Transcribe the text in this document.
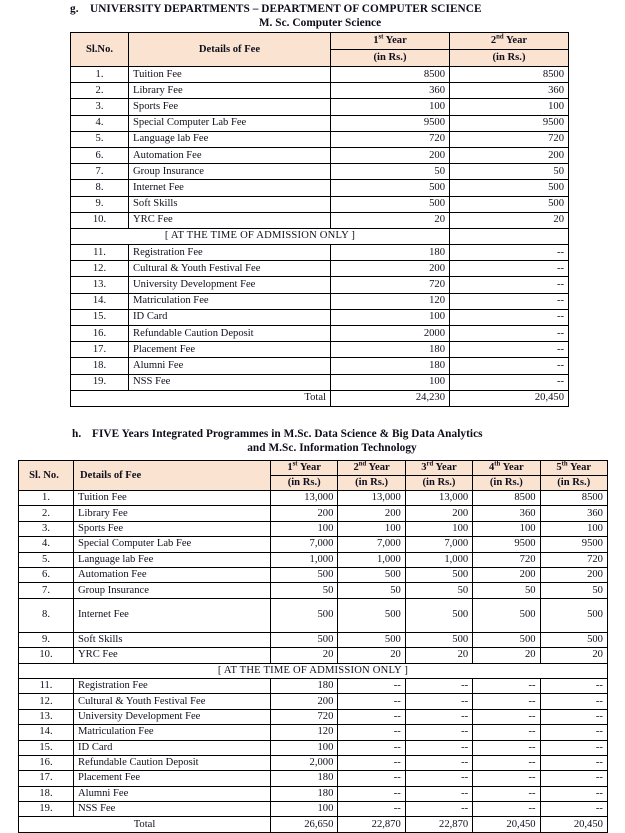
g.	UNIVERSITY DEPARTMENTS – DEPARTMENT OF COMPUTER SCIENCE
M. Sc. Computer Science
Sl.No.	Details of Fee	1st Year	2nd Year
		(in Rs.)	(in Rs.)
1.	Tuition Fee	8500	8500
2.	Library Fee	360	360
3.	Sports Fee	100	100
4.	Special Computer Lab Fee	9500	9500
5.	Language lab Fee	720	720
6.	Automation Fee	200	200
7.	Group Insurance	50	50
8.	Internet Fee	500	500
9.	Soft Skills	500	500
10.	YRC Fee	20	20
[ AT THE TIME OF ADMISSION ONLY ]			
11.	Registration Fee	180	--
12.	Cultural & Youth Festival Fee	200	--
13.	University Development Fee	720	--
14.	Matriculation Fee	120	--
15.	ID Card	100	--
16.	Refundable Caution Deposit	2000	--
17.	Placement Fee	180	--
18.	Alumni Fee	180	--
19.	NSS Fee	100	--
Total		24,230	20,450
h. FIVE Years Integrated Programmes in M.Sc. Data Science & Big Data Analytics
and M.Sc. Information Technology
Sl. No.	Details of Fee	1st Year	2nd Year	3rd Year	4th Year	5th Year
		(in Rs.)	(in Rs.)	(in Rs.)	(in Rs.)	(in Rs.)
1.	Tuition Fee	13,000	13,000	13,000	8500	8500
2.	Library Fee	200	200	200	360	360
3.	Sports Fee	100	100	100	100	100
4.	Special Computer Lab Fee	7,000	7,000	7,000	9500	9500
5.	Language lab Fee	1,000	1,000	1,000	720	720
6.	Automation Fee	500	500	500	200	200
7.	Group Insurance	50	50	50	50	50
8.	Internet Fee	500	500	500	500	500
9.	Soft Skills	500	500	500	500	500
10.	YRC Fee	20	20	20	20	20
[ AT THE TIME OF ADMISSION ONLY ]						
11.	Registration Fee	180	--	--	--	--
12.	Cultural & Youth Festival Fee	200	--	--	--	--
13.	University Development Fee	720	--	--	--	--
14.	Matriculation Fee	120	--	--	--	--
15.	ID Card	100	--	--	--	--
16.	Refundable Caution Deposit	2,000	--	--	--	--
17.	Placement Fee	180	--	--	--	--
18.	Alumni Fee	180	--	--	--	--
19.	NSS Fee	100	--	--	--	--
Total		26,650	22,870	22,870	20,450	20,450
